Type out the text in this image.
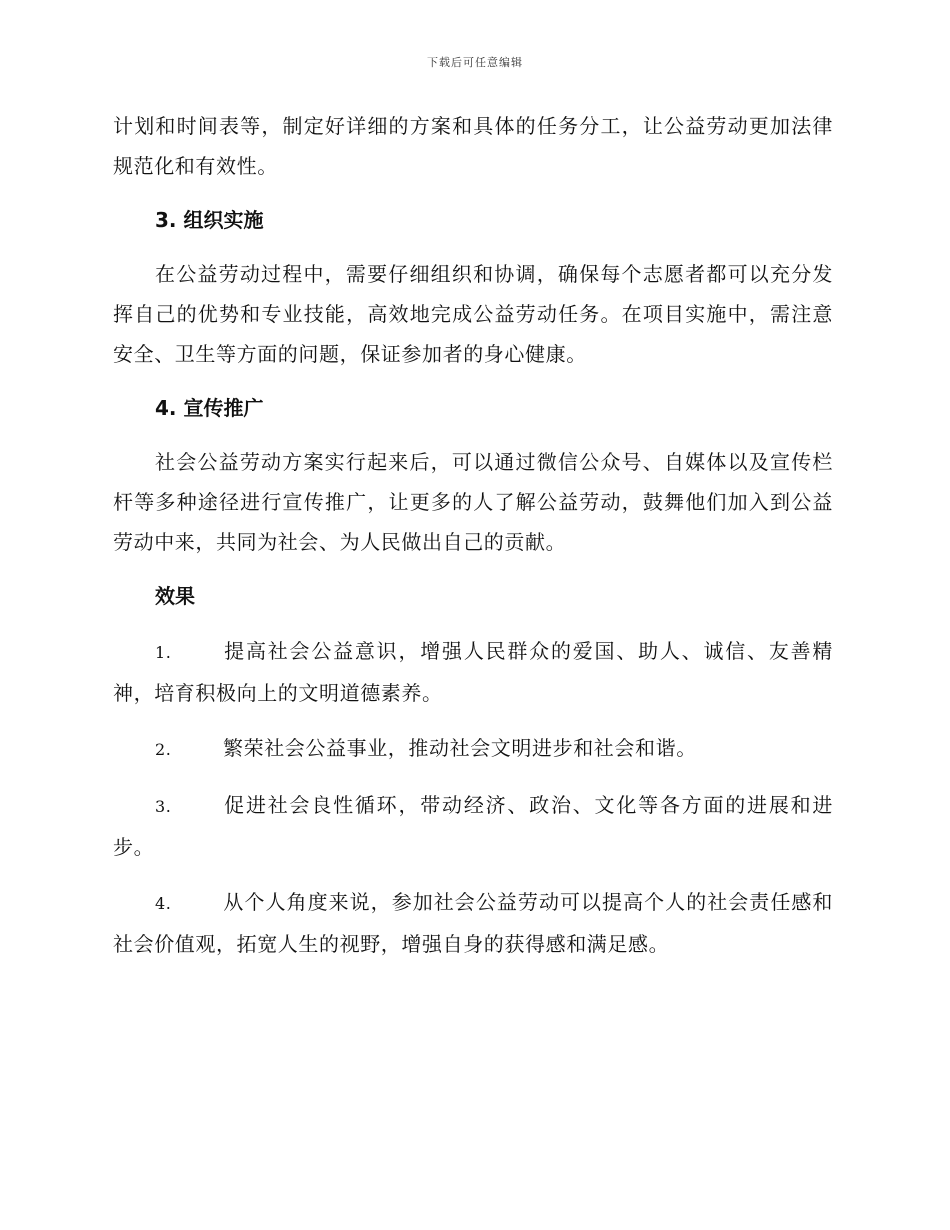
下载后可任意编辑

计划和时间表等，制定好详细的方案和具体的任务分工，让公益劳动更加法律规范化和有效性。

3. 组织实施

在公益劳动过程中，需要仔细组织和协调，确保每个志愿者都可以充分发挥自己的优势和专业技能，高效地完成公益劳动任务。在项目实施中，需注意安全、卫生等方面的问题，保证参加者的身心健康。

4. 宣传推广

社会公益劳动方案实行起来后，可以通过微信公众号、自媒体以及宣传栏杆等多种途径进行宣传推广，让更多的人了解公益劳动，鼓舞他们加入到公益劳动中来，共同为社会、为人民做出自己的贡献。

效果

1.	提高社会公益意识，增强人民群众的爱国、助人、诚信、友善精神，培育积极向上的文明道德素养。

2.	繁荣社会公益事业，推动社会文明进步和社会和谐。

3.	促进社会良性循环，带动经济、政治、文化等各方面的进展和进步。

4.	从个人角度来说，参加社会公益劳动可以提高个人的社会责任感和社会价值观，拓宽人生的视野，增强自身的获得感和满足感。
